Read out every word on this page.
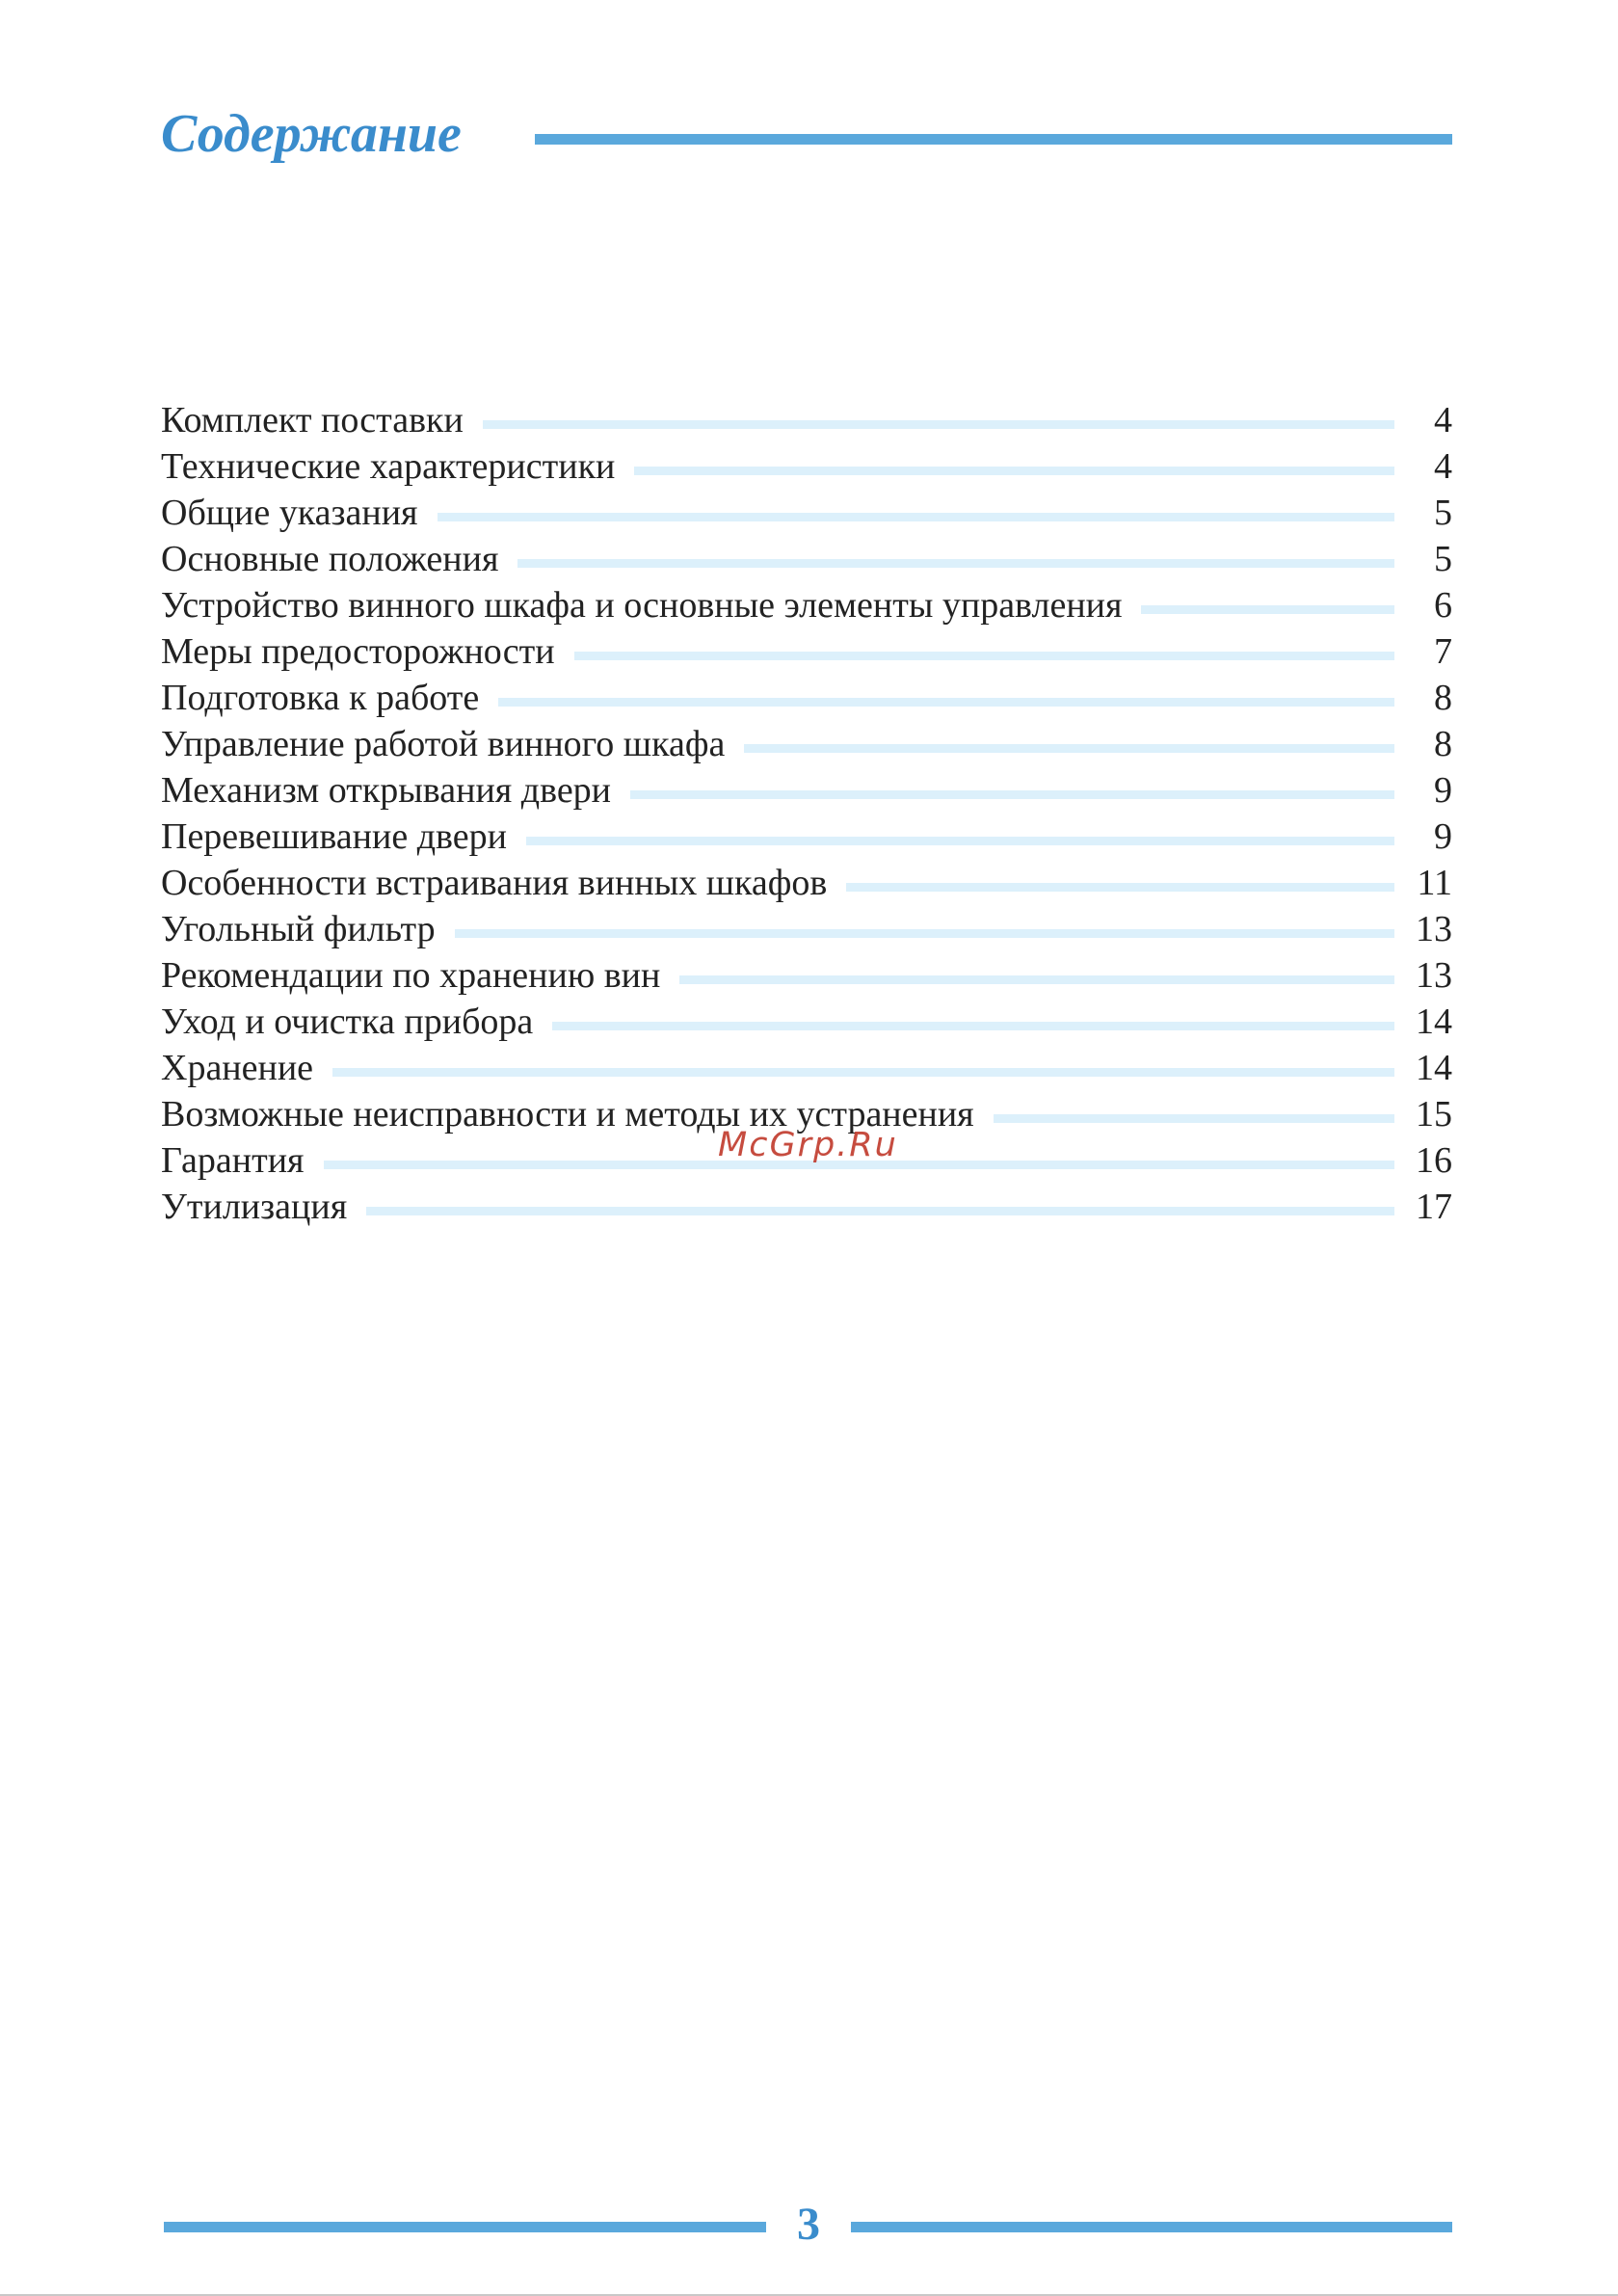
Содержание
Комплект поставки	4
Технические характеристики	4
Общие указания	5
Основные положения	5
Устройство винного шкафа и основные элементы управления	6
Меры предосторожности	7
Подготовка к работе	8
Управление работой винного шкафа	8
Механизм открывания двери	9
Перевешивание двери	9
Особенности встраивания винных шкафов	11
Угольный фильтр	13
Рекомендации по хранению вин	13
Уход и очистка прибора	14
Хранение	14
Возможные неисправности и методы их устранения	15
Гарантия	16
Утилизация	17
McGrp.Ru
3
